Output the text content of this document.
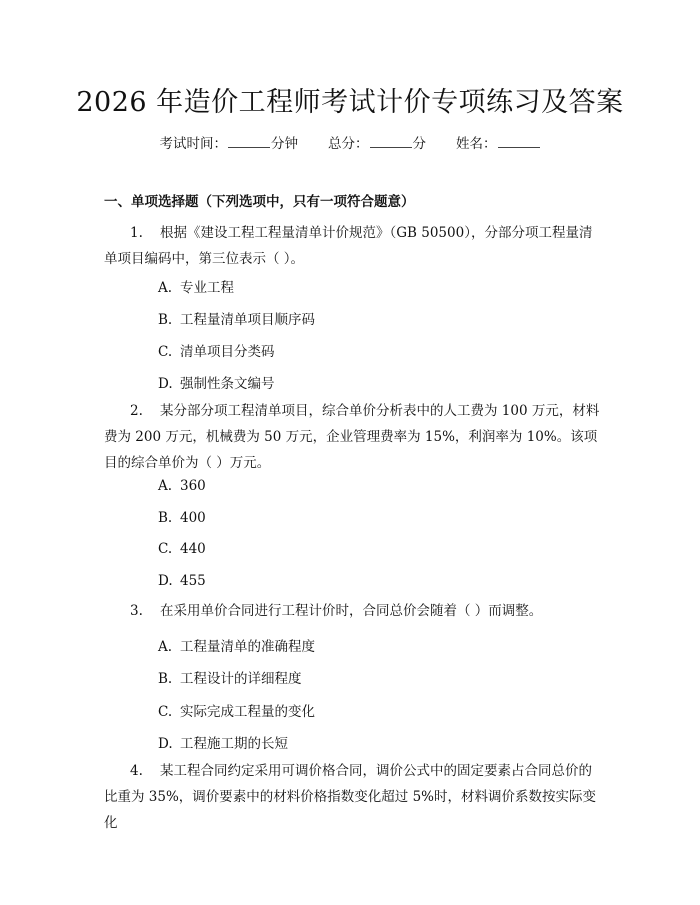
2026 年造价工程师考试计价专项练习及答案
考试时间：	分钟 总分：	分 姓名：
一、单项选择题（下列选项中，只有一项符合题意）
1. 根据《建设工程工程量清单计价规范》（GB 50500），分部分项工程量清单项目编码中，第三位表示（ ）。
A. 专业工程
B. 工程量清单项目顺序码
C. 清单项目分类码
D. 强制性条文编号
2. 某分部分项工程清单项目，综合单价分析表中的人工费为 100 万元，材料费为 200 万元，机械费为 50 万元，企业管理费率为 15%，利润率为 10%。该项目的综合单价为（ ）万元。
A. 360
B. 400
C. 440
D. 455
3. 在采用单价合同进行工程计价时，合同总价会随着（ ）而调整。
A. 工程量清单的准确程度
B. 工程设计的详细程度
C. 实际完成工程量的变化
D. 工程施工期的长短
4. 某工程合同约定采用可调价格合同，调价公式中的固定要素占合同总价的比重为 35%，调价要素中的材料价格指数变化超过 5%时，材料调价系数按实际变化
